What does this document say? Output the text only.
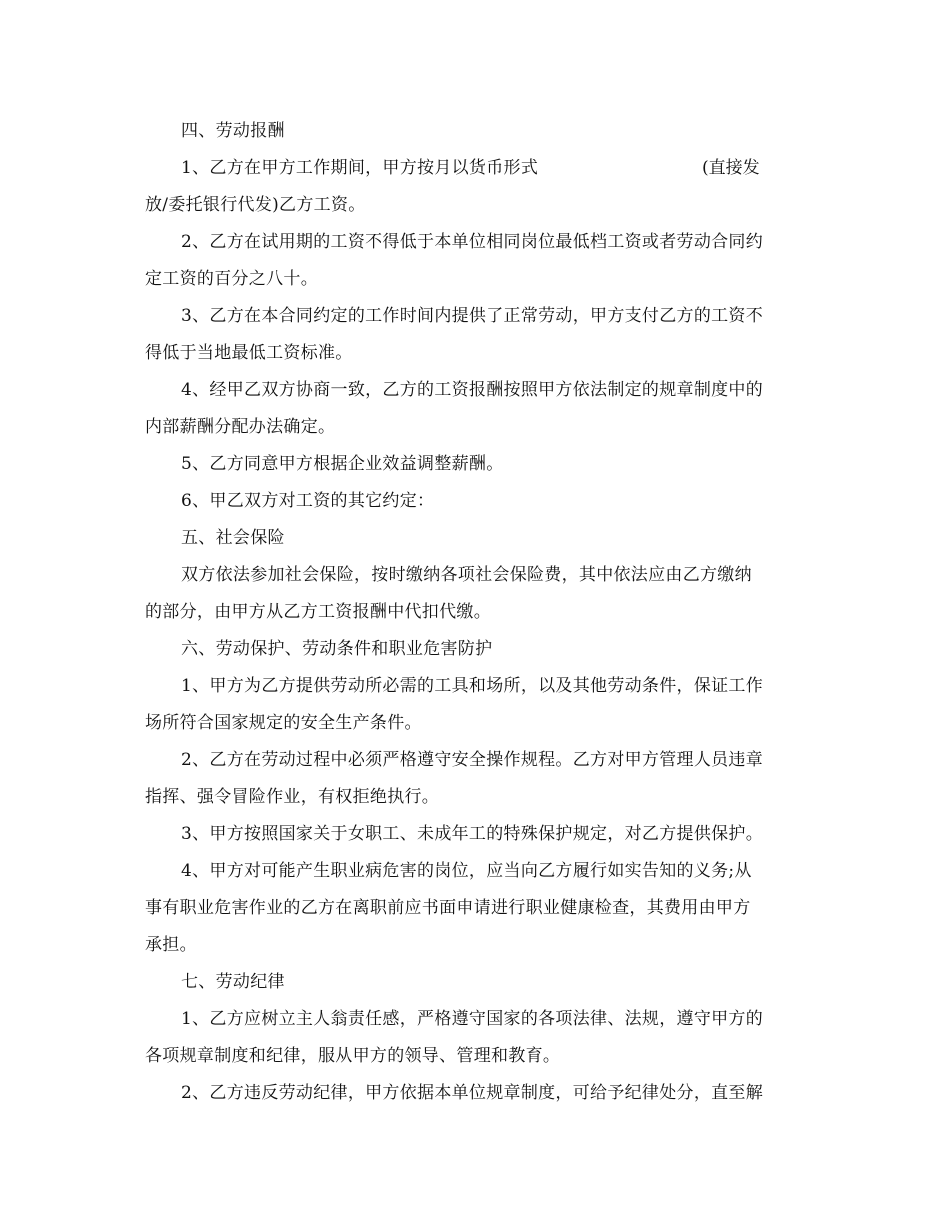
四、劳动报酬
1、乙方在甲方工作期间，甲方按月以货币形式	(直接发
放/委托银行代发)乙方工资。
2、乙方在试用期的工资不得低于本单位相同岗位最低档工资或者劳动合同约
定工资的百分之八十。
3、乙方在本合同约定的工作时间内提供了正常劳动，甲方支付乙方的工资不
得低于当地最低工资标准。
4、经甲乙双方协商一致，乙方的工资报酬按照甲方依法制定的规章制度中的
内部薪酬分配办法确定。
5、乙方同意甲方根据企业效益调整薪酬。
6、甲乙双方对工资的其它约定：
五、社会保险
双方依法参加社会保险，按时缴纳各项社会保险费，其中依法应由乙方缴纳
的部分，由甲方从乙方工资报酬中代扣代缴。
六、劳动保护、劳动条件和职业危害防护
1、甲方为乙方提供劳动所必需的工具和场所，以及其他劳动条件，保证工作
场所符合国家规定的安全生产条件。
2、乙方在劳动过程中必须严格遵守安全操作规程。乙方对甲方管理人员违章
指挥、强令冒险作业，有权拒绝执行。
3、甲方按照国家关于女职工、未成年工的特殊保护规定，对乙方提供保护。
4、甲方对可能产生职业病危害的岗位，应当向乙方履行如实告知的义务;从
事有职业危害作业的乙方在离职前应书面申请进行职业健康检查，其费用由甲方
承担。
七、劳动纪律
1、乙方应树立主人翁责任感，严格遵守国家的各项法律、法规，遵守甲方的
各项规章制度和纪律，服从甲方的领导、管理和教育。
2、乙方违反劳动纪律，甲方依据本单位规章制度，可给予纪律处分，直至解
